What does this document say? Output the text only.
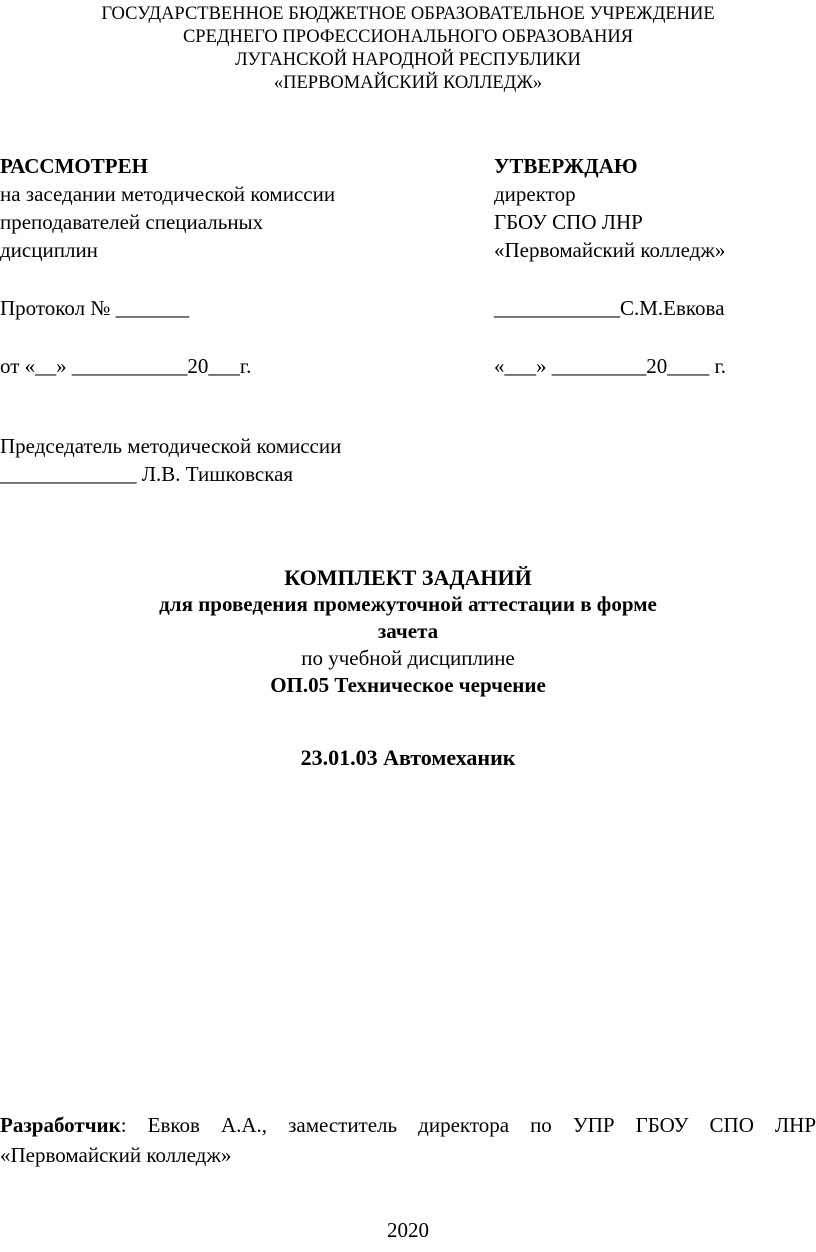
ГОСУДАРСТВЕННОЕ БЮДЖЕТНОЕ ОБРАЗОВАТЕЛЬНОЕ УЧРЕЖДЕНИЕ
СРЕДНЕГО ПРОФЕССИОНАЛЬНОГО ОБРАЗОВАНИЯ
ЛУГАНСКОЙ НАРОДНОЙ РЕСПУБЛИКИ
«ПЕРВОМАЙСКИЙ КОЛЛЕДЖ»
РАССМОТРЕН
на заседании методической комиссии
преподавателей специальных
дисциплин
Протокол № _______
от «__» ___________20___г.
УТВЕРЖДАЮ
директор
ГБОУ СПО ЛНР
«Первомайский колледж»
____________С.М.Евкова
«___» _________20____ г.
Председатель методической комиссии
_____________ Л.В. Тишковская
КОМПЛЕКТ ЗАДАНИЙ
для проведения промежуточной аттестации в форме
зачета
по учебной дисциплине
ОП.05 Техническое черчение
23.01.03 Автомеханик
Разработчик: Евков А.А., заместитель директора по УПР ГБОУ СПО ЛНР
«Первомайский колледж»
2020
